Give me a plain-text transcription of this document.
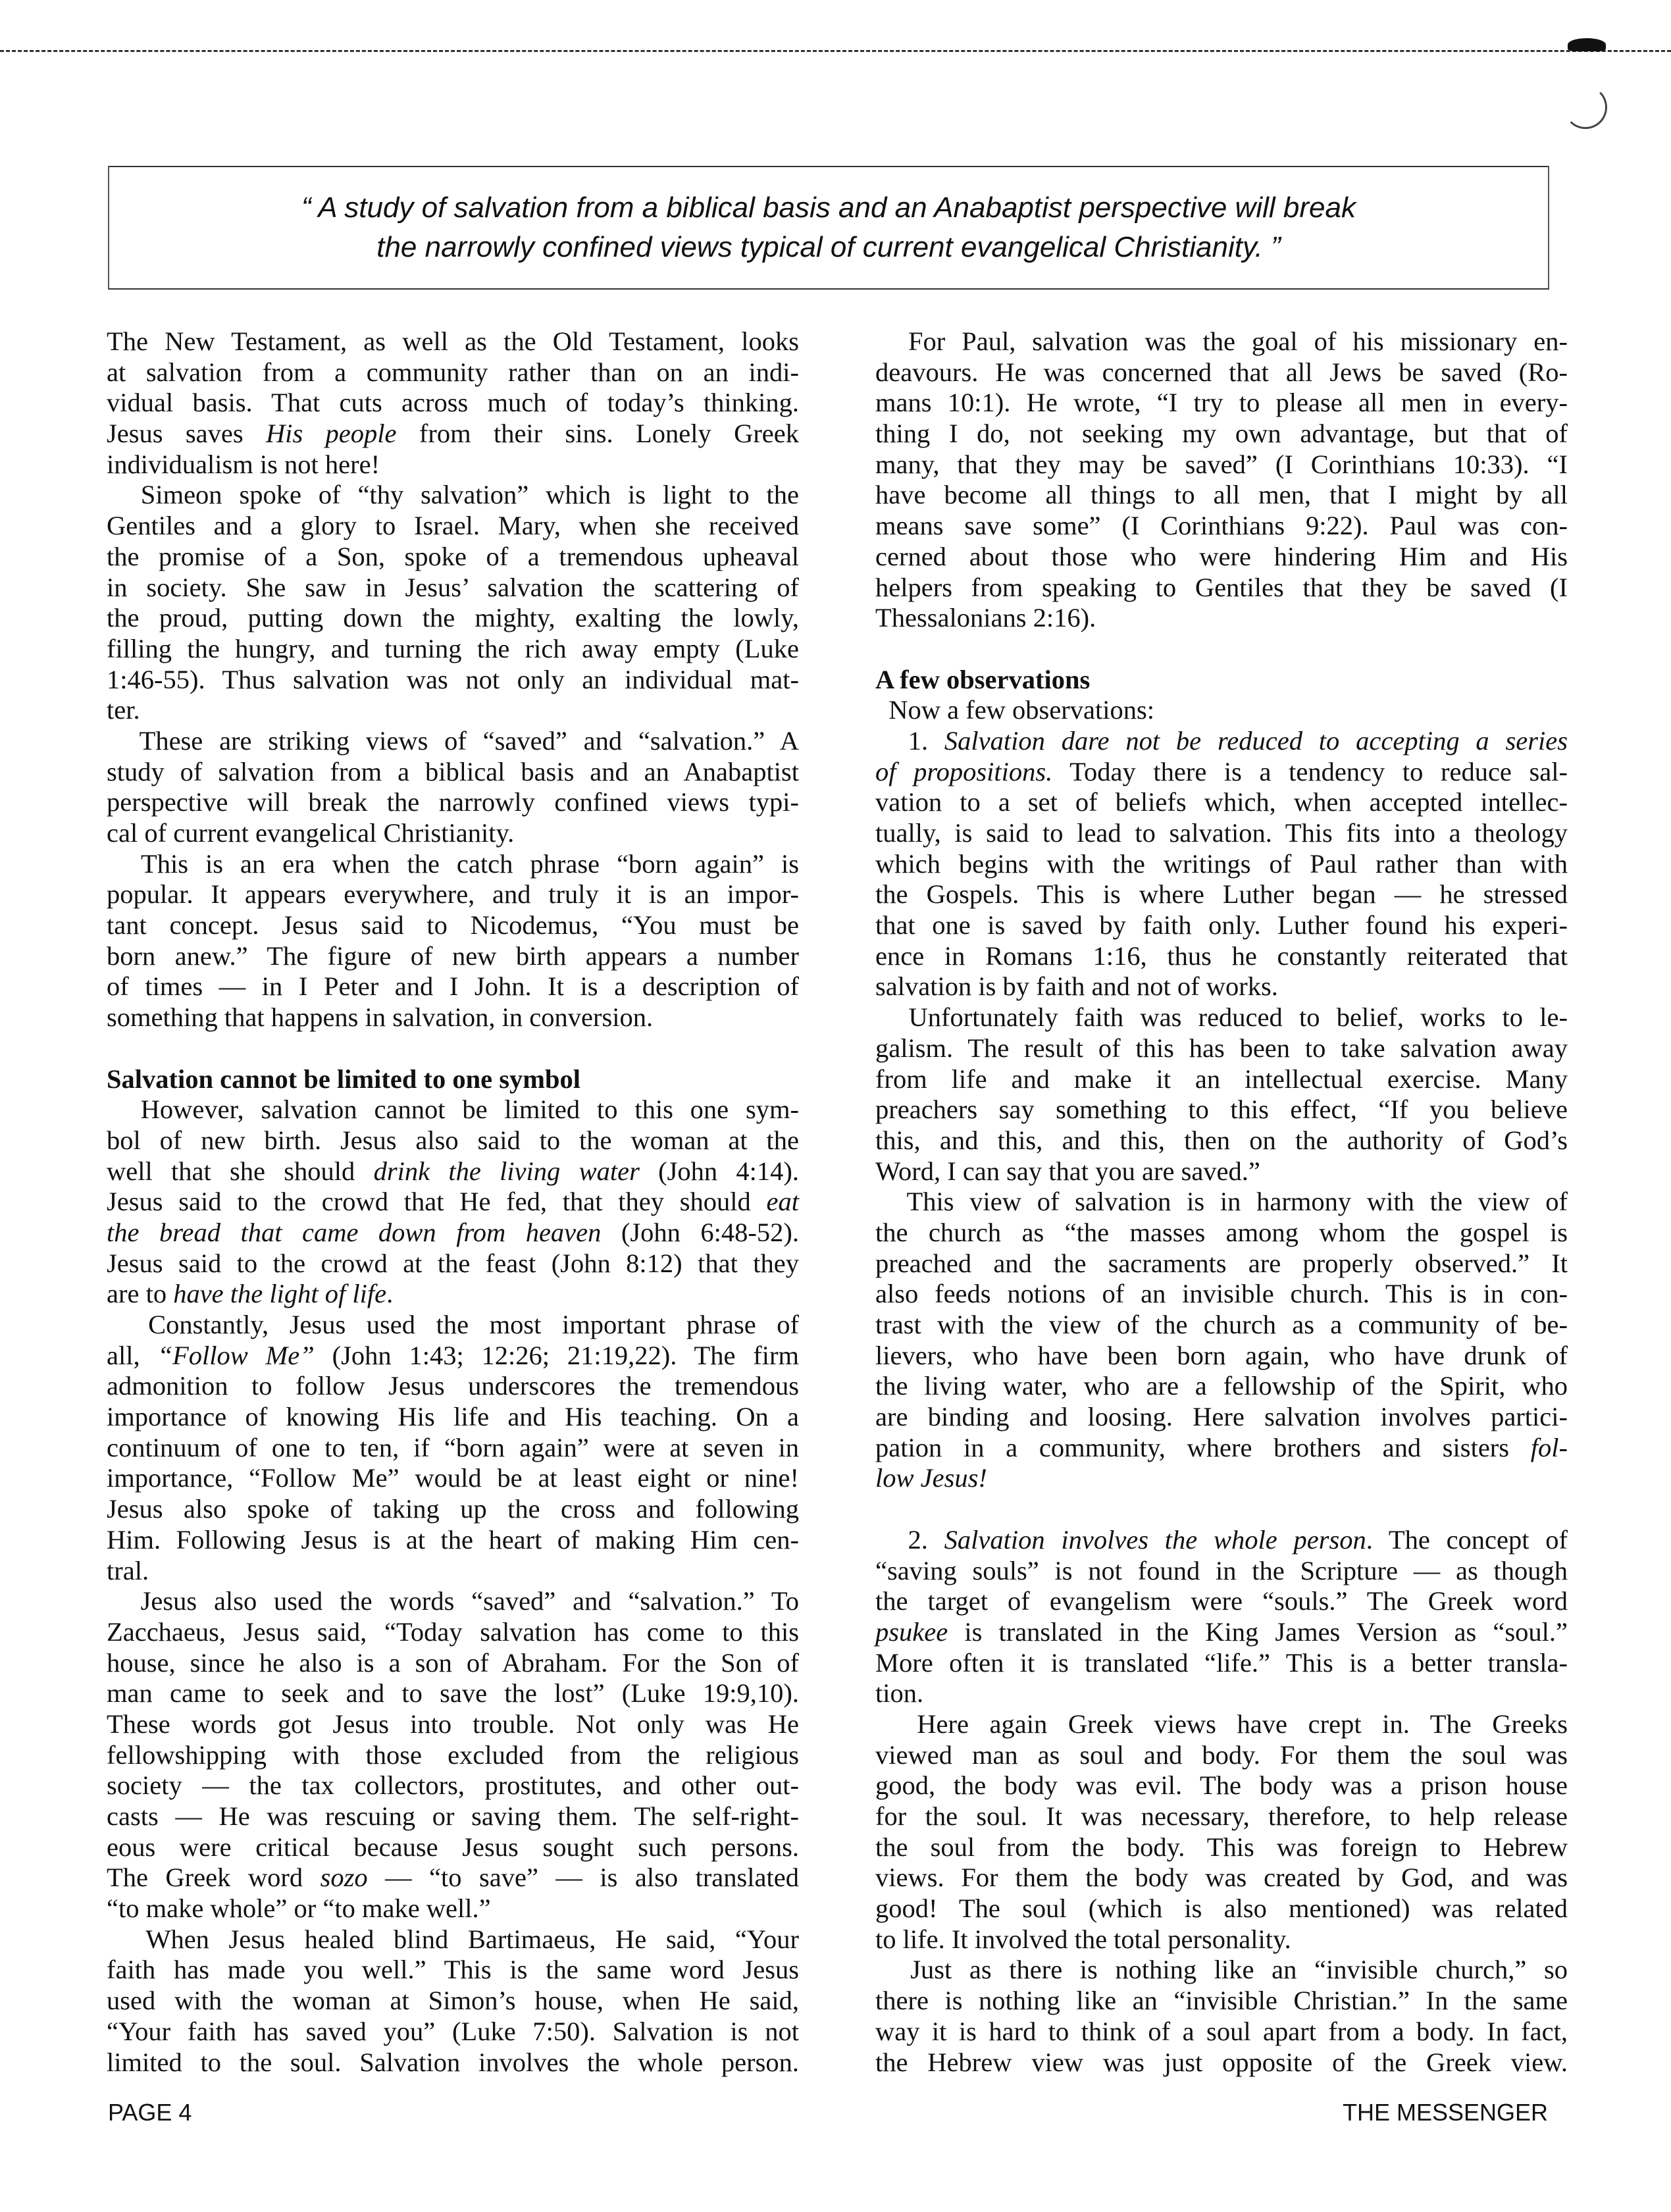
“ A study of salvation from a biblical basis and an Anabaptist perspective will break
the narrowly confined views typical of current evangelical Christianity. ”
The New Testament, as well as the Old Testament, looks
at salvation from a community rather than on an indi-
vidual basis. That cuts across much of today’s thinking.
Jesus saves His people from their sins. Lonely Greek
individualism is not here!
Simeon spoke of “thy salvation” which is light to the
Gentiles and a glory to Israel. Mary, when she received
the promise of a Son, spoke of a tremendous upheaval
in society. She saw in Jesus’ salvation the scattering of
the proud, putting down the mighty, exalting the lowly,
filling the hungry, and turning the rich away empty (Luke
1:46-55). Thus salvation was not only an individual mat-
ter.
These are striking views of “saved” and “salvation.” A
study of salvation from a biblical basis and an Anabaptist
perspective will break the narrowly confined views typi-
cal of current evangelical Christianity.
This is an era when the catch phrase “born again” is
popular. It appears everywhere, and truly it is an impor-
tant concept. Jesus said to Nicodemus, “You must be
born anew.” The figure of new birth appears a number
of times — in I Peter and I John. It is a description of
something that happens in salvation, in conversion.
Salvation cannot be limited to one symbol
However, salvation cannot be limited to this one sym-
bol of new birth. Jesus also said to the woman at the
well that she should drink the living water (John 4:14).
Jesus said to the crowd that He fed, that they should eat
the bread that came down from heaven (John 6:48-52).
Jesus said to the crowd at the feast (John 8:12) that they
are to have the light of life.
Constantly, Jesus used the most important phrase of
all, “Follow Me” (John 1:43; 12:26; 21:19,22). The firm
admonition to follow Jesus underscores the tremendous
importance of knowing His life and His teaching. On a
continuum of one to ten, if “born again” were at seven in
importance, “Follow Me” would be at least eight or nine!
Jesus also spoke of taking up the cross and following
Him. Following Jesus is at the heart of making Him cen-
tral.
Jesus also used the words “saved” and “salvation.” To
Zacchaeus, Jesus said, “Today salvation has come to this
house, since he also is a son of Abraham. For the Son of
man came to seek and to save the lost” (Luke 19:9,10).
These words got Jesus into trouble. Not only was He
fellowshipping with those excluded from the religious
society — the tax collectors, prostitutes, and other out-
casts — He was rescuing or saving them. The self-right-
eous were critical because Jesus sought such persons.
The Greek word sozo — “to save” — is also translated
“to make whole” or “to make well.”
When Jesus healed blind Bartimaeus, He said, “Your
faith has made you well.” This is the same word Jesus
used with the woman at Simon’s house, when He said,
“Your faith has saved you” (Luke 7:50). Salvation is not
limited to the soul. Salvation involves the whole person.
For Paul, salvation was the goal of his missionary en-
deavours. He was concerned that all Jews be saved (Ro-
mans 10:1). He wrote, “I try to please all men in every-
thing I do, not seeking my own advantage, but that of
many, that they may be saved” (I Corinthians 10:33). “I
have become all things to all men, that I might by all
means save some” (I Corinthians 9:22). Paul was con-
cerned about those who were hindering Him and His
helpers from speaking to Gentiles that they be saved (I
Thessalonians 2:16).
A few observations
Now a few observations:
1. Salvation dare not be reduced to accepting a series
of propositions. Today there is a tendency to reduce sal-
vation to a set of beliefs which, when accepted intellec-
tually, is said to lead to salvation. This fits into a theology
which begins with the writings of Paul rather than with
the Gospels. This is where Luther began — he stressed
that one is saved by faith only. Luther found his experi-
ence in Romans 1:16, thus he constantly reiterated that
salvation is by faith and not of works.
Unfortunately faith was reduced to belief, works to le-
galism. The result of this has been to take salvation away
from life and make it an intellectual exercise. Many
preachers say something to this effect, “If you believe
this, and this, and this, then on the authority of God’s
Word, I can say that you are saved.”
This view of salvation is in harmony with the view of
the church as “the masses among whom the gospel is
preached and the sacraments are properly observed.” It
also feeds notions of an invisible church. This is in con-
trast with the view of the church as a community of be-
lievers, who have been born again, who have drunk of
the living water, who are a fellowship of the Spirit, who
are binding and loosing. Here salvation involves partici-
pation in a community, where brothers and sisters fol-
low Jesus!
2. Salvation involves the whole person. The concept of
“saving souls” is not found in the Scripture — as though
the target of evangelism were “souls.” The Greek word
psukee is translated in the King James Version as “soul.”
More often it is translated “life.” This is a better transla-
tion.
Here again Greek views have crept in. The Greeks
viewed man as soul and body. For them the soul was
good, the body was evil. The body was a prison house
for the soul. It was necessary, therefore, to help release
the soul from the body. This was foreign to Hebrew
views. For them the body was created by God, and was
good! The soul (which is also mentioned) was related
to life. It involved the total personality.
Just as there is nothing like an “invisible church,” so
there is nothing like an “invisible Christian.” In the same
way it is hard to think of a soul apart from a body. In fact,
the Hebrew view was just opposite of the Greek view.
PAGE 4	THE MESSENGER
